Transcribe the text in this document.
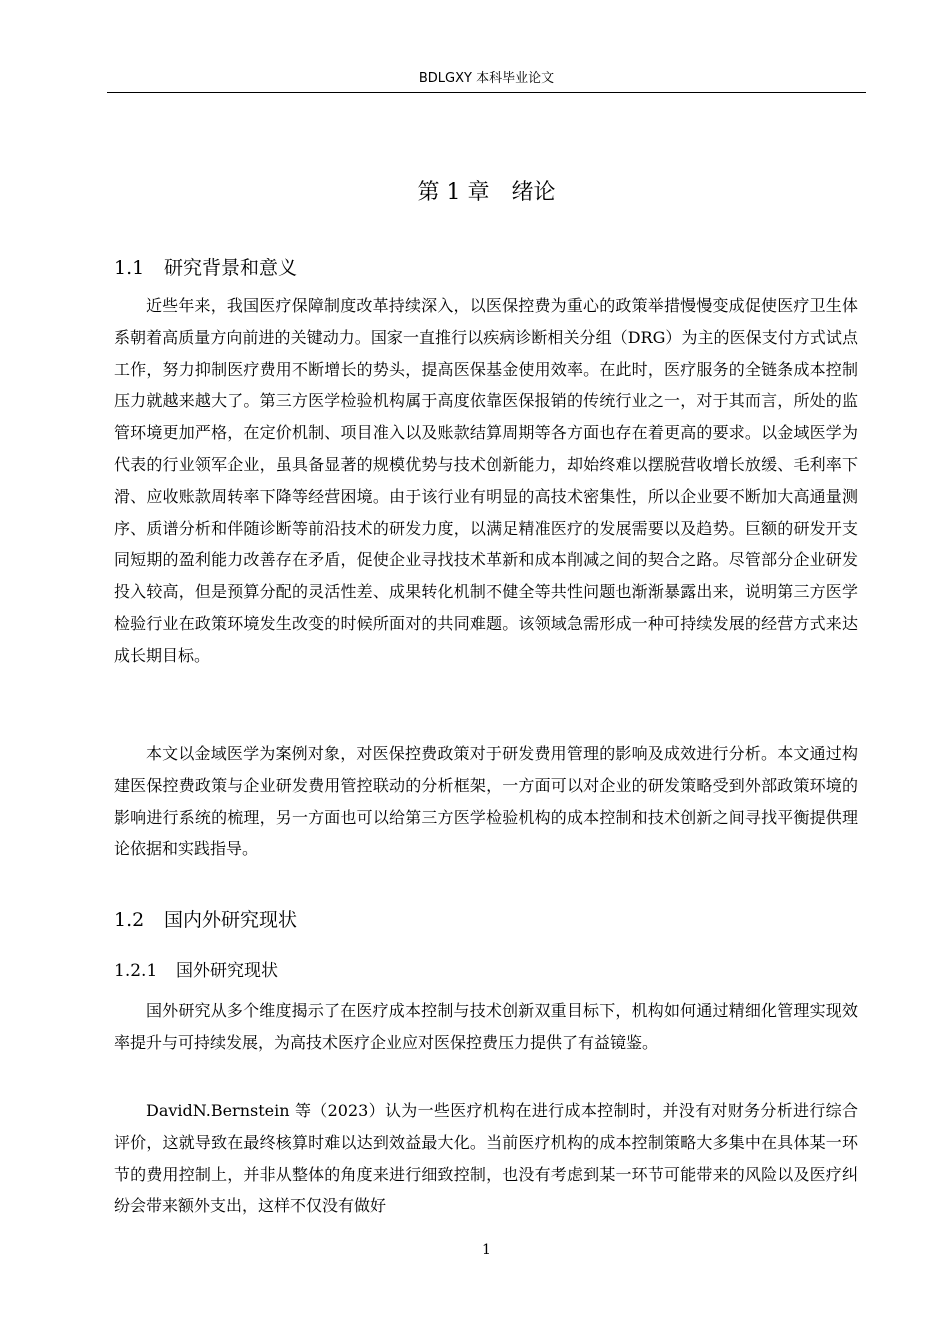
BDLGXY 本科毕业论文
第 1 章 绪论
1.1 研究背景和意义

近些年来，我国医疗保障制度改革持续深入，以医保控费为重心的政策举措慢慢变成促使医疗卫生体系朝着高质量方向前进的关键动力。国家一直推行以疾病诊断相关分组（DRG）为主的医保支付方式试点工作，努力抑制医疗费用不断增长的势头，提高医保基金使用效率。在此时，医疗服务的全链条成本控制压力就越来越大了。第三方医学检验机构属于高度依靠医保报销的传统行业之一，对于其而言，所处的监管环境更加严格，在定价机制、项目准入以及账款结算周期等各方面也存在着更高的要求。以金域医学为代表的行业领军企业，虽具备显著的规模优势与技术创新能力，却始终难以摆脱营收增长放缓、毛利率下滑、应收账款周转率下降等经营困境。由于该行业有明显的高技术密集性，所以企业要不断加大高通量测序、质谱分析和伴随诊断等前沿技术的研发力度，以满足精准医疗的发展需要以及趋势。巨额的研发开支同短期的盈利能力改善存在矛盾，促使企业寻找技术革新和成本削减之间的契合之路。尽管部分企业研发投入较高，但是预算分配的灵活性差、成果转化机制不健全等共性问题也渐渐暴露出来，说明第三方医学检验行业在政策环境发生改变的时候所面对的共同难题。该领域急需形成一种可持续发展的经营方式来达成长期目标。

本文以金域医学为案例对象，对医保控费政策对于研发费用管理的影响及成效进行分析。本文通过构建医保控费政策与企业研发费用管控联动的分析框架，一方面可以对企业的研发策略受到外部政策环境的影响进行系统的梳理，另一方面也可以给第三方医学检验机构的成本控制和技术创新之间寻找平衡提供理论依据和实践指导。

1.2 国内外研究现状
1.2.1 国外研究现状

国外研究从多个维度揭示了在医疗成本控制与技术创新双重目标下，机构如何通过精细化管理实现效率提升与可持续发展，为高技术医疗企业应对医保控费压力提供了有益镜鉴。

DavidN.Bernstein 等（2023）认为一些医疗机构在进行成本控制时，并没有对财务分析进行综合评价，这就导致在最终核算时难以达到效益最大化。当前医疗机构的成本控制策略大多集中在具体某一环节的费用控制上，并非从整体的角度来进行细致控制，也没有考虑到某一环节可能带来的风险以及医疗纠纷会带来额外支出，这样不仅没有做好

1
